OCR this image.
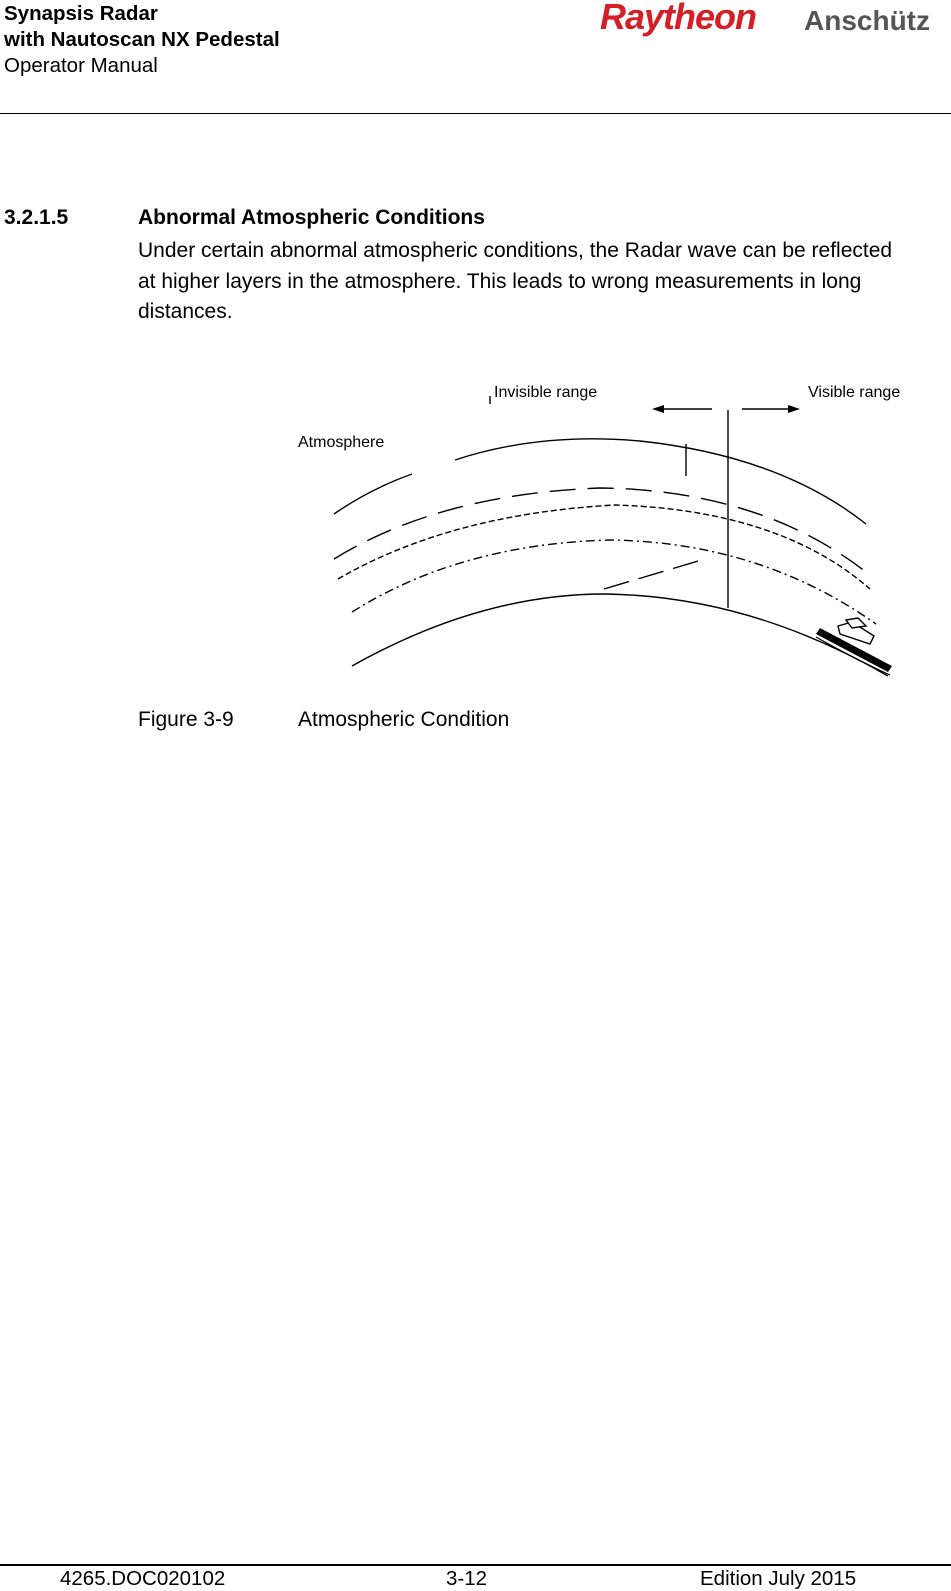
Synapsis Radar
with Nautoscan NX Pedestal
Operator Manual
Raytheon Anschütz
3.2.1.5	Abnormal Atmospheric Conditions
Under certain abnormal atmospheric conditions, the Radar wave can be reflected at higher layers in the atmosphere. This leads to wrong measurements in long distances.
Invisible range	Visible range
Atmosphere
Figure 3-9	Atmospheric Condition
4265.DOC020102	3-12	Edition July 2015
